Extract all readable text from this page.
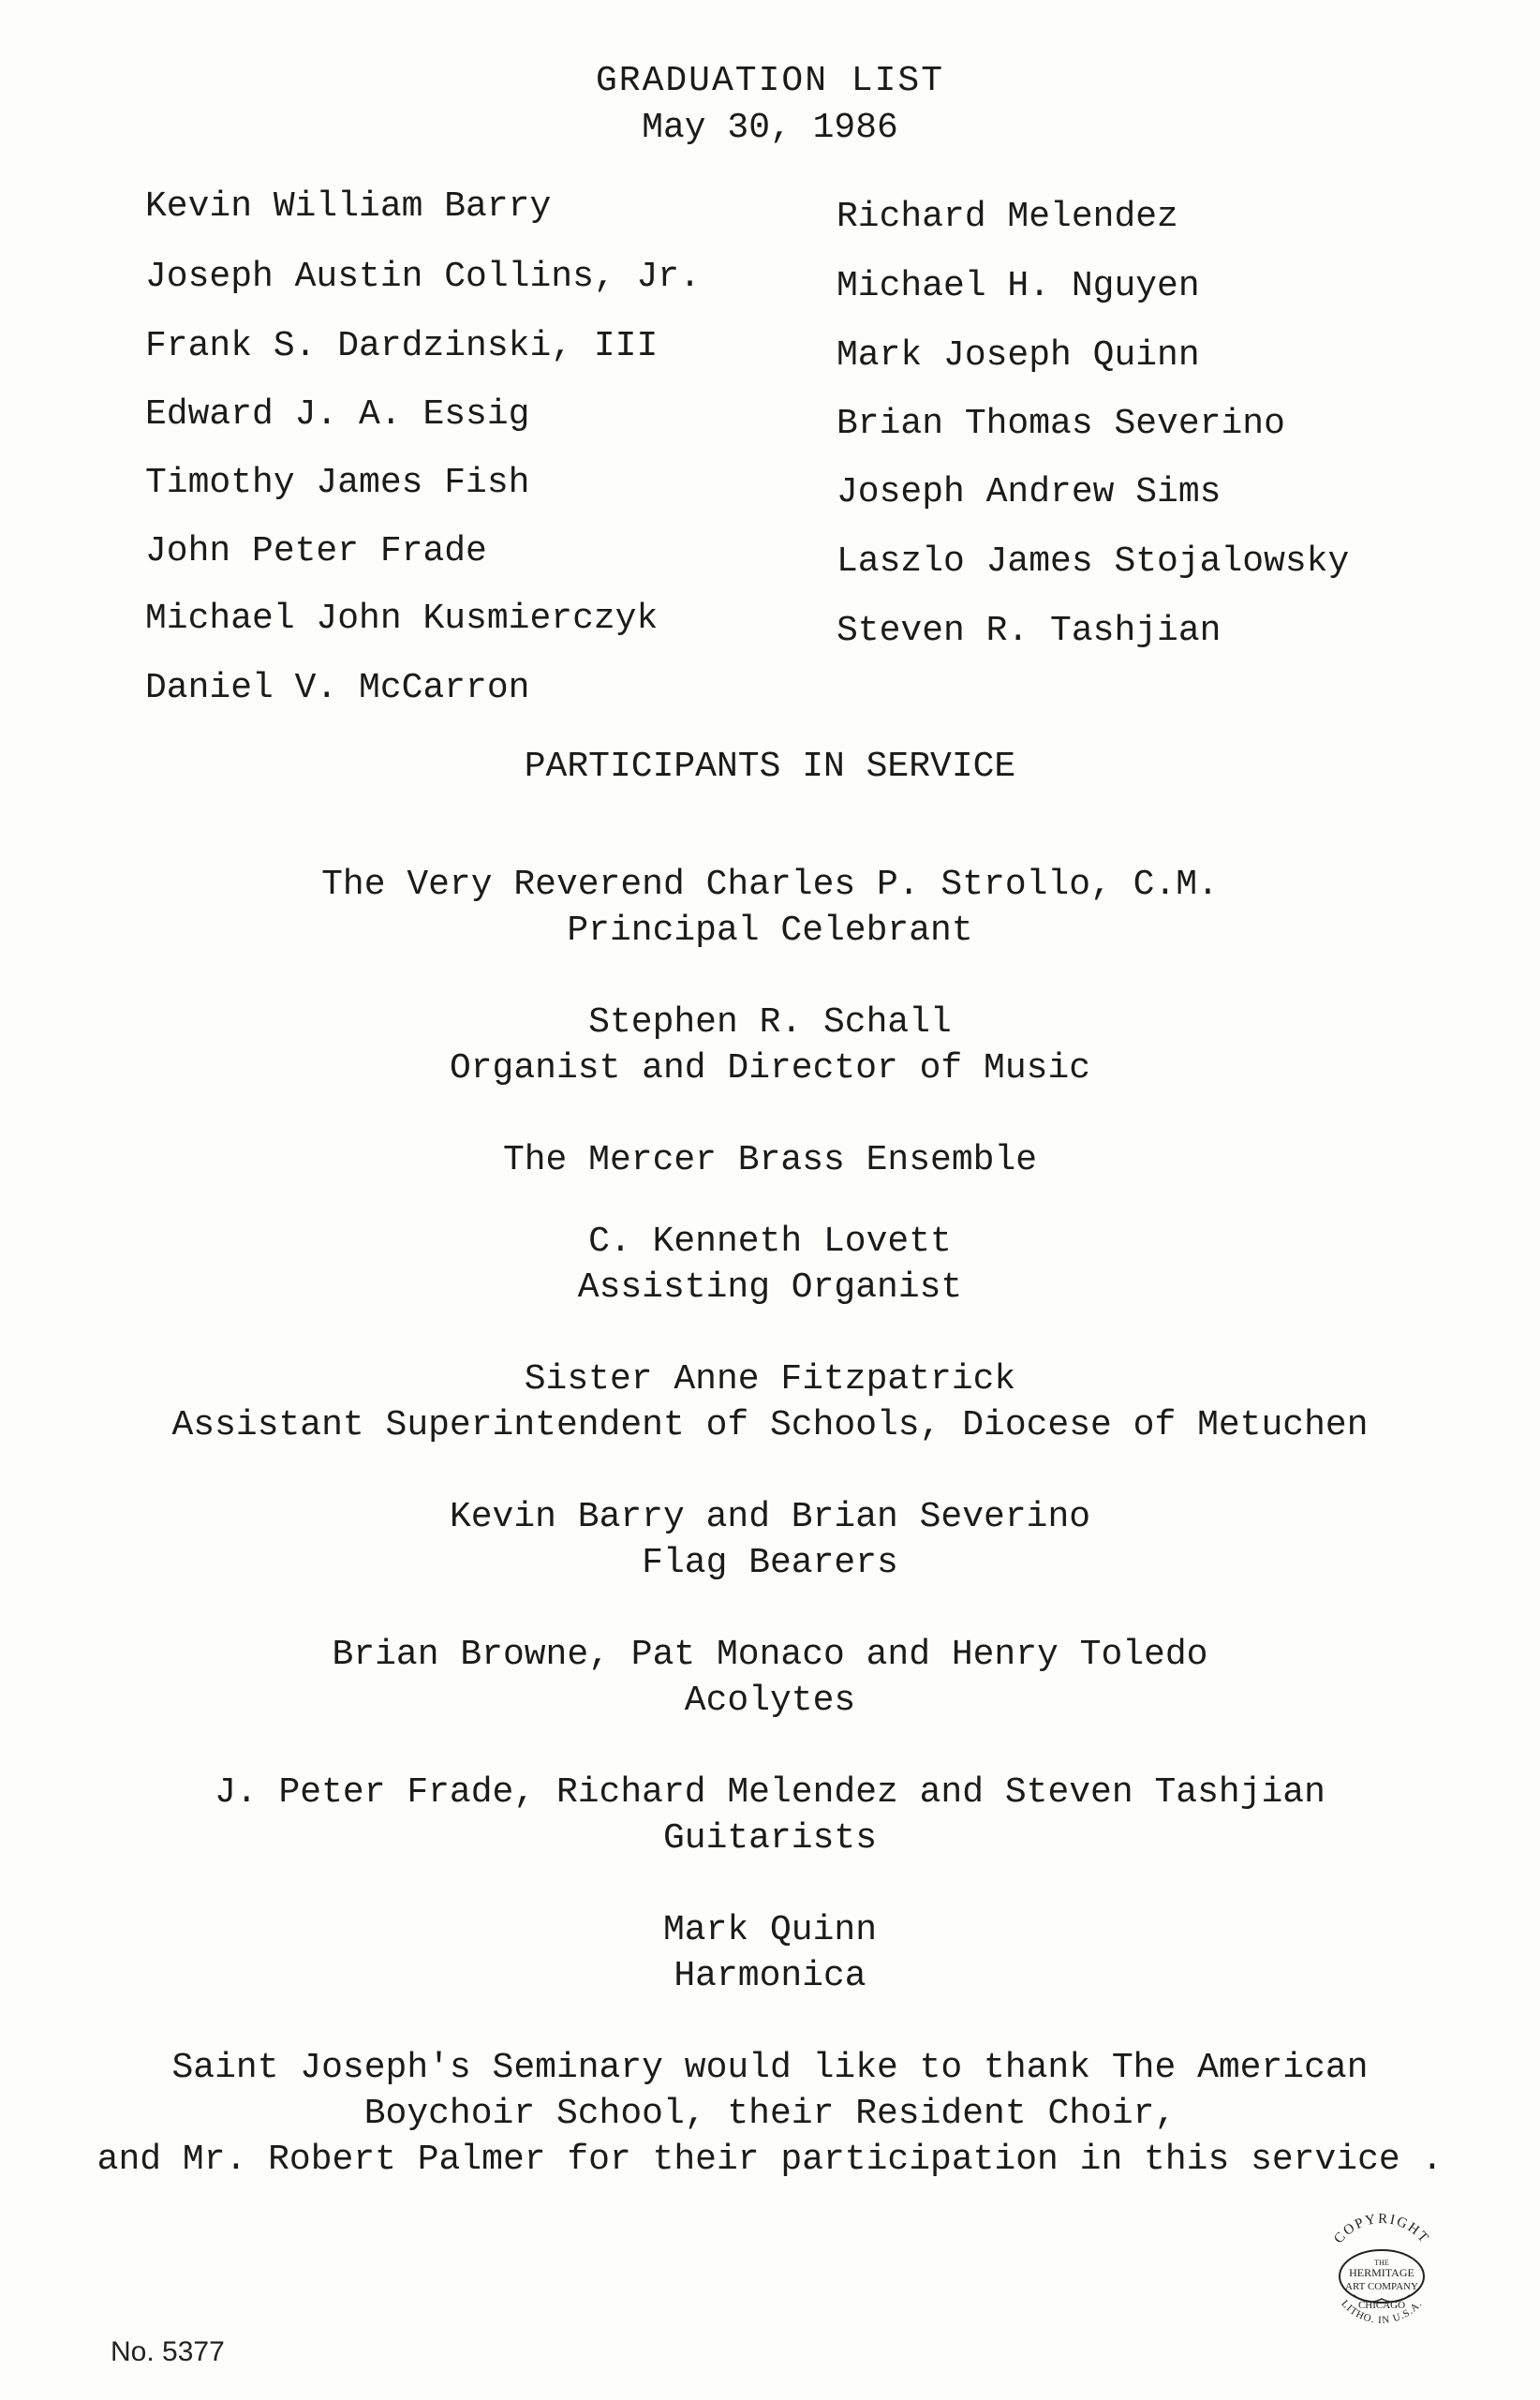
GRADUATION LIST
May 30, 1986
Kevin William Barry
Joseph Austin Collins, Jr.
Frank S. Dardzinski, III
Edward J. A. Essig
Timothy James Fish
John Peter Frade
Michael John Kusmierczyk
Daniel V. McCarron
Richard Melendez
Michael H. Nguyen
Mark Joseph Quinn
Brian Thomas Severino
Joseph Andrew Sims
Laszlo James Stojalowsky
Steven R. Tashjian
PARTICIPANTS IN SERVICE
The Very Reverend Charles P. Strollo, C.M.
Principal Celebrant
Stephen R. Schall
Organist and Director of Music
The Mercer Brass Ensemble
C. Kenneth Lovett
Assisting Organist
Sister Anne Fitzpatrick
Assistant Superintendent of Schools, Diocese of Metuchen
Kevin Barry and Brian Severino
Flag Bearers
Brian Browne, Pat Monaco and Henry Toledo
Acolytes
J. Peter Frade, Richard Melendez and Steven Tashjian
Guitarists
Mark Quinn
Harmonica
Saint Joseph's Seminary would like to thank The American
Boychoir School, their Resident Choir,
and Mr. Robert Palmer for their participation in this service .
COPYRIGHT
THE
HERMITAGE
ART COMPANY
CHICAGO
LITHO. IN U.S.A.
No. 5377
